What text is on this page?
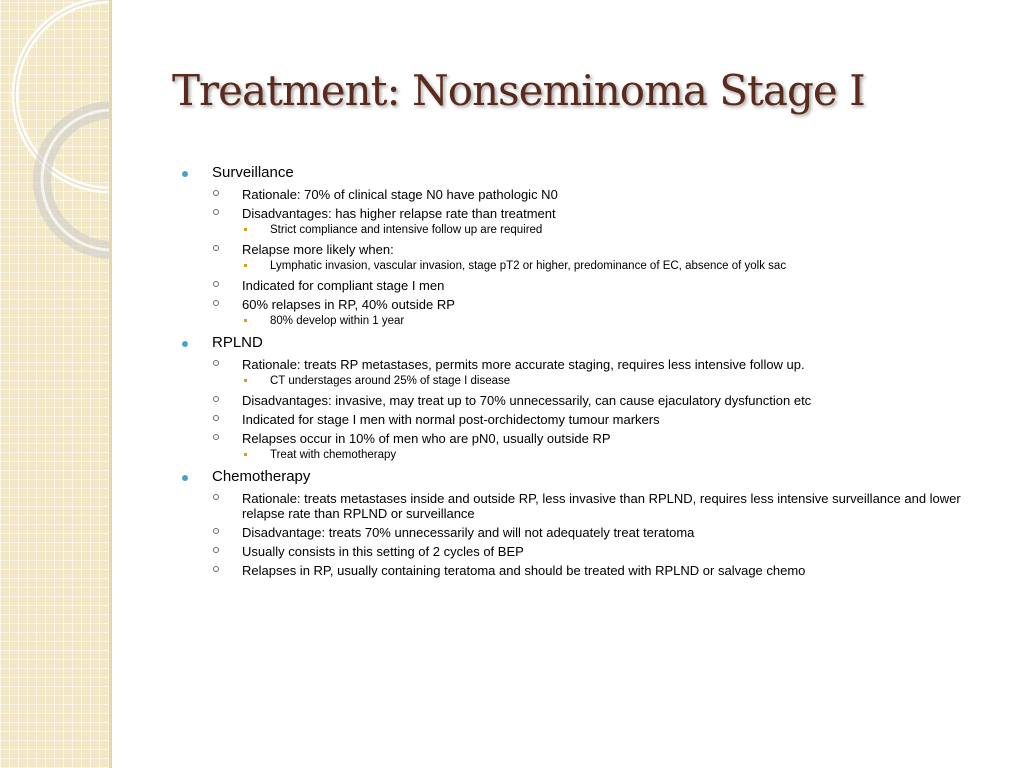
Treatment: Nonseminoma Stage I
Surveillance
Rationale: 70% of clinical stage N0 have pathologic N0
Disadvantages: has higher relapse rate than treatment
Strict compliance and intensive follow up are required
Relapse more likely when:
Lymphatic invasion, vascular invasion, stage pT2 or higher, predominance of EC, absence of yolk sac
Indicated for compliant stage I men
60% relapses in RP, 40% outside RP
80% develop within 1 year
RPLND
Rationale: treats RP metastases, permits more accurate staging, requires less intensive follow up.
CT understages around 25% of stage I disease
Disadvantages: invasive, may treat up to 70% unnecessarily, can cause ejaculatory dysfunction etc
Indicated for stage I men with normal post-orchidectomy tumour markers
Relapses occur in 10% of men who are pN0, usually outside RP
Treat with chemotherapy
Chemotherapy
Rationale: treats metastases inside and outside RP, less invasive than RPLND, requires less intensive surveillance and lower relapse rate than RPLND or surveillance
Disadvantage: treats 70% unnecessarily and will not adequately treat teratoma
Usually consists in this setting of 2 cycles of BEP
Relapses in RP, usually containing teratoma and should be treated with RPLND or salvage chemo
